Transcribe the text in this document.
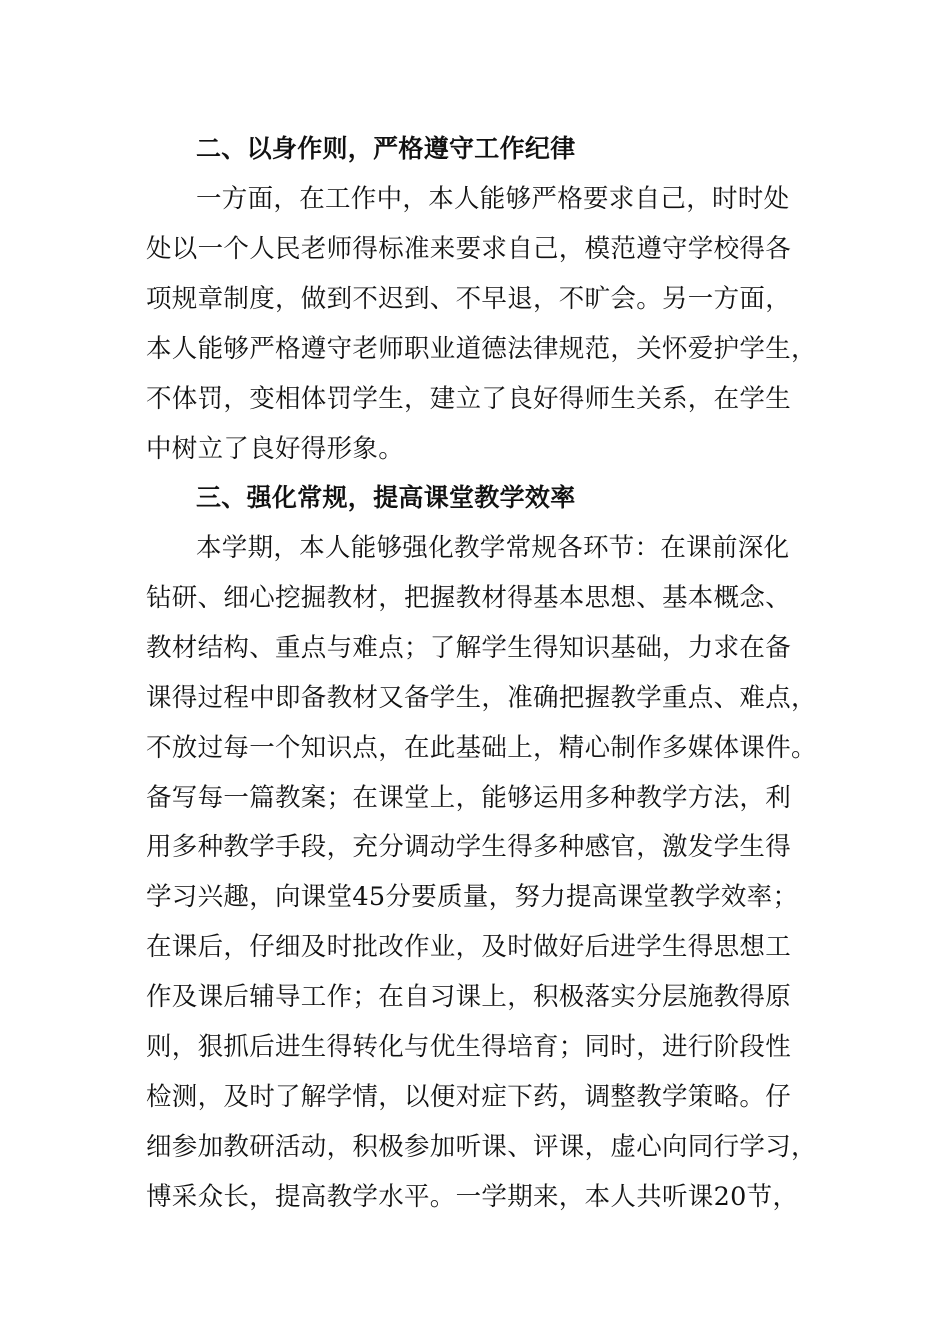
二、以身作则，严格遵守工作纪律
一方面，在工作中，本人能够严格要求自己，时时处
处以一个人民老师得标准来要求自己，模范遵守学校得各
项规章制度，做到不迟到、不早退，不旷会。另一方面，
本人能够严格遵守老师职业道德法律规范，关怀爱护学生，
不体罚，变相体罚学生，建立了良好得师生关系，在学生
中树立了良好得形象。
三、强化常规，提高课堂教学效率
本学期，本人能够强化教学常规各环节：在课前深化
钻研、细心挖掘教材，把握教材得基本思想、基本概念、
教材结构、重点与难点；了解学生得知识基础，力求在备
课得过程中即备教材又备学生，准确把握教学重点、难点，
不放过每一个知识点，在此基础上，精心制作多媒体课件。
备写每一篇教案；在课堂上，能够运用多种教学方法，利
用多种教学手段，充分调动学生得多种感官，激发学生得
学习兴趣，向课堂45分要质量，努力提高课堂教学效率；
在课后，仔细及时批改作业，及时做好后进学生得思想工
作及课后辅导工作；在自习课上，积极落实分层施教得原
则，狠抓后进生得转化与优生得培育；同时，进行阶段性
检测，及时了解学情，以便对症下药，调整教学策略。仔
细参加教研活动，积极参加听课、评课，虚心向同行学习，
博采众长，提高教学水平。一学期来，本人共听课20节，
